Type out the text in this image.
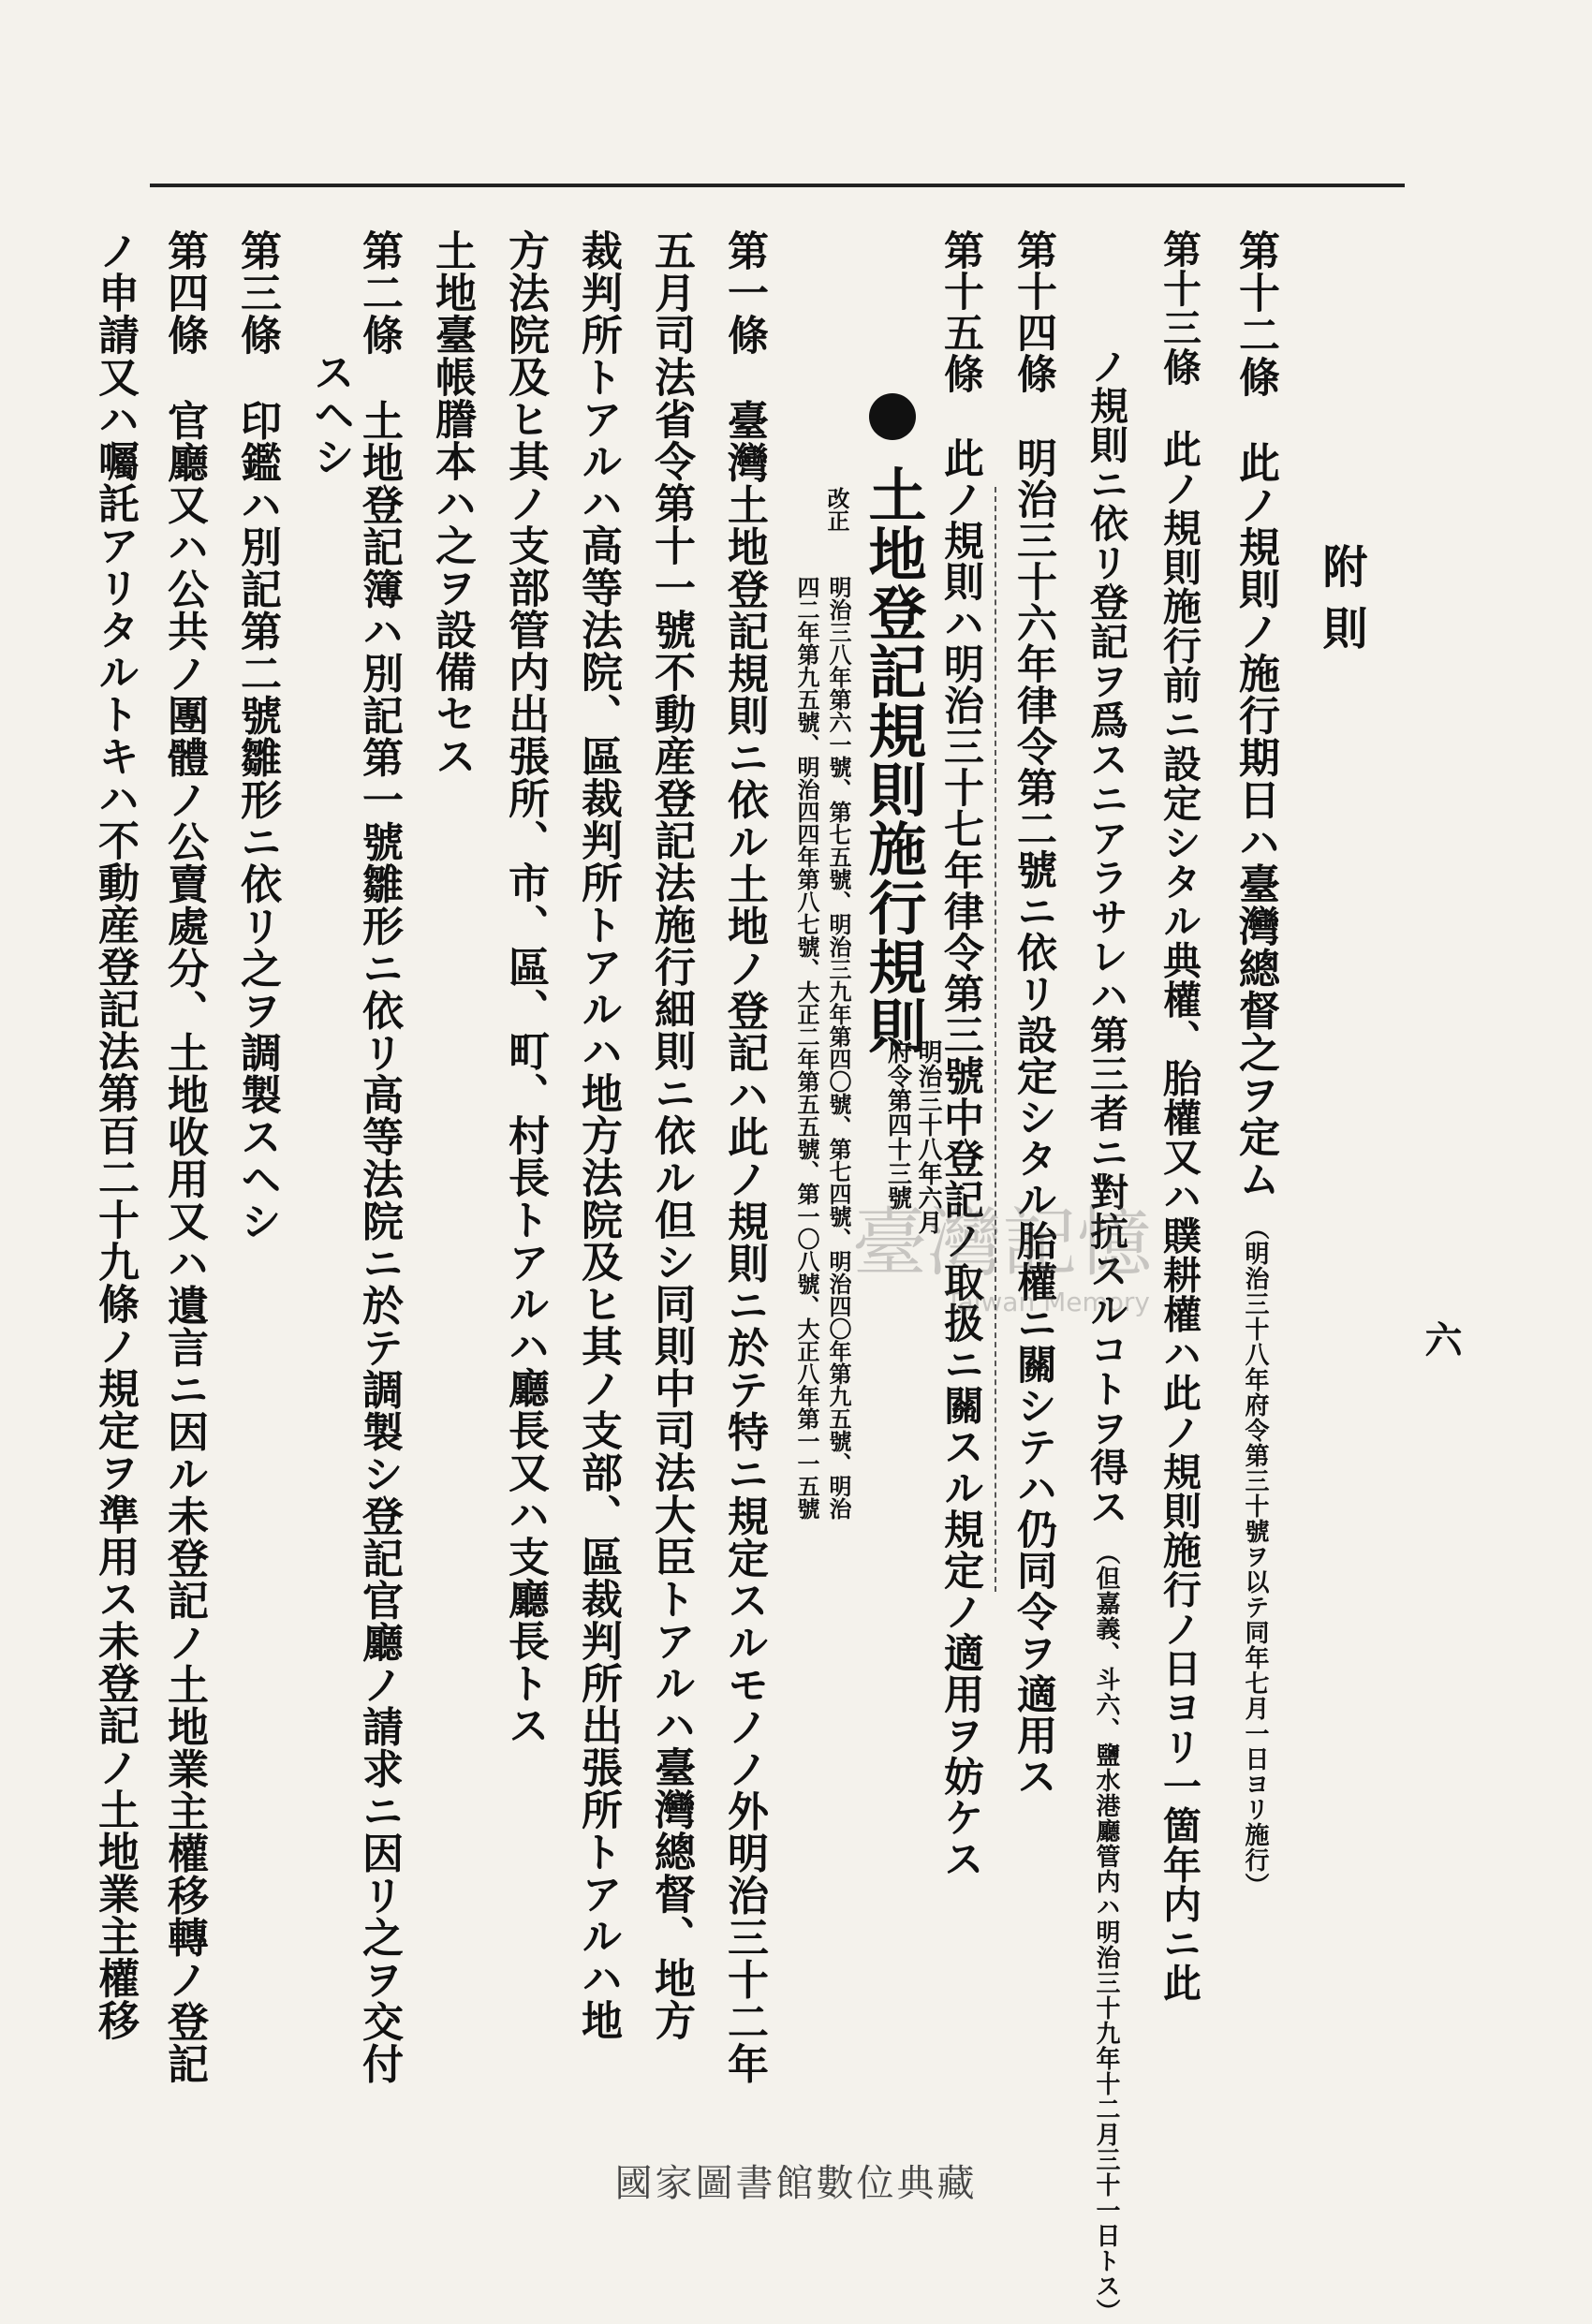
六
附則
第十二條 此ノ規則ノ施行期日ハ臺灣總督之ヲ定ム （明治三十八年府令第三十號ヲ以テ同年七月一日ヨリ施行）
第十三條 此ノ規則施行前ニ設定シタル典權、胎權又ハ贌耕權ハ此ノ規則施行ノ日ヨリ一箇年内ニ此
ノ規則ニ依リ登記ヲ爲スニアラサレハ第三者ニ對抗スルコトヲ得ス （但嘉義、斗六、鹽水港廳管内ハ明治三十九年十二月三十一日トス）
第十四條 明治三十六年律令第二號ニ依リ設定シタル胎權ニ關シテハ仍同令ヲ適用ス
第十五條 此ノ規則ハ明治三十七年律令第三號中登記ノ取扱ニ關スル規定ノ適用ヲ妨ケス
土地登記規則施行規則
明治三十八年六月
府令第四十三號
改正
明治三八年第六一號、第七五號、明治三九年第四〇號、第七四號、明治四〇年第九五號、明治
四二年第九五號、明治四四年第八七號、大正二年第五五號、第一〇八號、大正八年第一一五號
第一條 臺灣土地登記規則ニ依ル土地ノ登記ハ此ノ規則ニ於テ特ニ規定スルモノノ外明治三十二年
五月司法省令第十一號不動産登記法施行細則ニ依ル但シ同則中司法大臣トアルハ臺灣總督、地方
裁判所トアルハ高等法院、區裁判所トアルハ地方法院及ヒ其ノ支部、區裁判所出張所トアルハ地
方法院及ヒ其ノ支部管内出張所、市、區、町、村長トアルハ廳長又ハ支廳長トス
土地臺帳謄本ハ之ヲ設備セス
第二條 土地登記簿ハ別記第一號雛形ニ依リ高等法院ニ於テ調製シ登記官廳ノ請求ニ因リ之ヲ交付
スヘシ
第三條 印鑑ハ別記第二號雛形ニ依リ之ヲ調製スヘシ
第四條 官廳又ハ公共ノ團體ノ公賣處分、土地收用又ハ遺言ニ因ル未登記ノ土地業主權移轉ノ登記
ノ申請又ハ囑託アリタルトキハ不動産登記法第百二十九條ノ規定ヲ準用ス未登記ノ土地業主權移	臺灣記憶
Taiwan Memory
國家圖書館數位典藏
